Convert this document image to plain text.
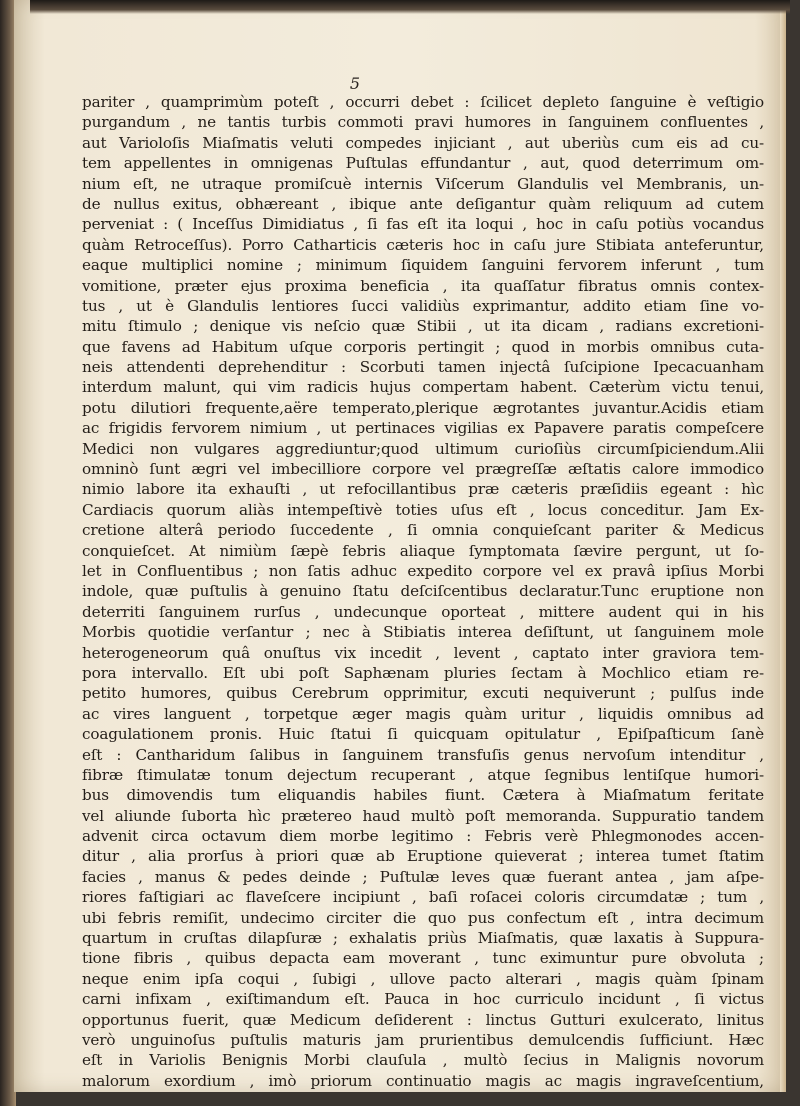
5
pariter , quamprimùm poteſt , occurri debet : ſcilicet depleto ſanguine è veſtigio
purgandum , ne tantis turbis commoti pravi humores in ſanguinem confluentes ,
aut Varioloſis Miaſmatis veluti compedes injiciant , aut uberiùs cum eis ad cu-
tem appellentes in omnigenas Puſtulas effundantur , aut, quod deterrimum om-
nium eſt, ne utraque promiſcuè internis Viſcerum Glandulis vel Membranis, un-
de nullus exitus, obhæreant , ibique ante deſigantur quàm reliquum ad cutem
perveniat : ( Inceſſus Dimidiatus , ſi fas eſt ita loqui , hoc in caſu potiùs vocandus
quàm Retroceſſus). Porro Catharticis cæteris hoc in caſu jure Stibiata anteferuntur,
eaque multiplici nomine ; minimum ſiquidem ſanguini fervorem inferunt , tum
vomitione, præter ejus proxima beneficia , ita quaſſatur fibratus omnis contex-
tus , ut è Glandulis lentiores ſucci validiùs exprimantur, addito etiam ſine vo-
mitu ſtimulo ; denique vis neſcio quæ Stibii , ut ita dicam , radians excretioni-
que favens ad Habitum uſque corporis pertingit ; quod in morbis omnibus cuta-
neis attendenti deprehenditur : Scorbuti tamen injectâ ſuſcipione Ipecacuanham
interdum malunt, qui vim radicis hujus compertam habent. Cæterùm victu tenui,
potu dilutiori frequente,aëre temperato,plerique ægrotantes juvantur.Acidis etiam
ac frigidis fervorem nimium , ut pertinaces vigilias ex Papavere paratis compeſcere
Medici non vulgares aggrediuntur;quod ultimum curioſiùs circumſpiciendum.Alii
omninò ſunt ægri vel imbecilliore corpore vel prægreſſæ æſtatis calore immodico
nimio labore ita exhauſti , ut refocillantibus præ cæteris præſidiis egeant : hìc
Cardiacis quorum aliàs intempeſtivè toties uſus eſt , locus conceditur. Jam Ex-
cretione alterâ periodo ſuccedente , ſi omnia conquieſcant pariter & Medicus
conquieſcet. At nimiùm ſæpè febris aliaque ſymptomata ſævire pergunt, ut ſo-
let in Confluentibus ; non ſatis adhuc expedito corpore vel ex pravâ ipſius Morbi
indole, quæ puſtulis à genuino ſtatu deſciſcentibus declaratur.Tunc eruptione non
deterriti ſanguinem rurſus , undecunque oporteat , mittere audent qui in his
Morbis quotidie verſantur ; nec à Stibiatis interea deſiſtunt, ut ſanguinem mole
heterogeneorum quâ onuſtus vix incedit , levent , captato inter graviora tem-
pora intervallo. Eſt ubi poſt Saphænam pluries ſectam à Mochlico etiam re-
petito humores, quibus Cerebrum opprimitur, excuti nequiverunt ; pulſus inde
ac vires languent , torpetque æger magis quàm uritur , liquidis omnibus ad
coagulationem pronis. Huic ſtatui ſi quicquam opitulatur , Epiſpaſticum ſanè
eſt : Cantharidum ſalibus in ſanguinem transfuſis genus nervoſum intenditur ,
fibræ ſtimulatæ tonum dejectum recuperant , atque ſegnibus lentiſque humori-
bus dimovendis tum eliquandis habiles fiunt. Cætera à Miaſmatum feritate
vel aliunde ſuborta hìc prætereo haud multò poſt memoranda. Suppuratio tandem
advenit circa octavum diem morbe legitimo : Febris verè Phlegmonodes accen-
ditur , alia prorſus à priori quæ ab Eruptione quieverat ; interea tumet ſtatim
facies , manus & pedes deinde ; Puſtulæ leves quæ fuerant antea , jam aſpe-
riores faſtigiari ac flaveſcere incipiunt , baſi roſacei coloris circumdatæ ; tum ,
ubi febris remiſit, undecimo circiter die quo pus confectum eſt , intra decimum
quartum in cruſtas dilapſuræ ; exhalatis priùs Miaſmatis, quæ laxatis à Suppura-
tione fibris , quibus depacta eam moverant , tunc eximuntur pure obvoluta ;
neque enim ipſa coqui , ſubigi , ullove pacto alterari , magis quàm ſpinam
carni infixam , exiſtimandum eſt. Pauca in hoc curriculo incidunt , ſi victus
opportunus fuerit, quæ Medicum deſiderent : linctus Gutturi exulcerato, linitus
verò unguinoſus puſtulis maturis jam prurientibus demulcendis ſufficiunt. Hæc
eſt in Variolis Benignis Morbi clauſula , multò ſecius in Malignis novorum
malorum exordium , imò priorum continuatio magis ac magis ingraveſcentium,
